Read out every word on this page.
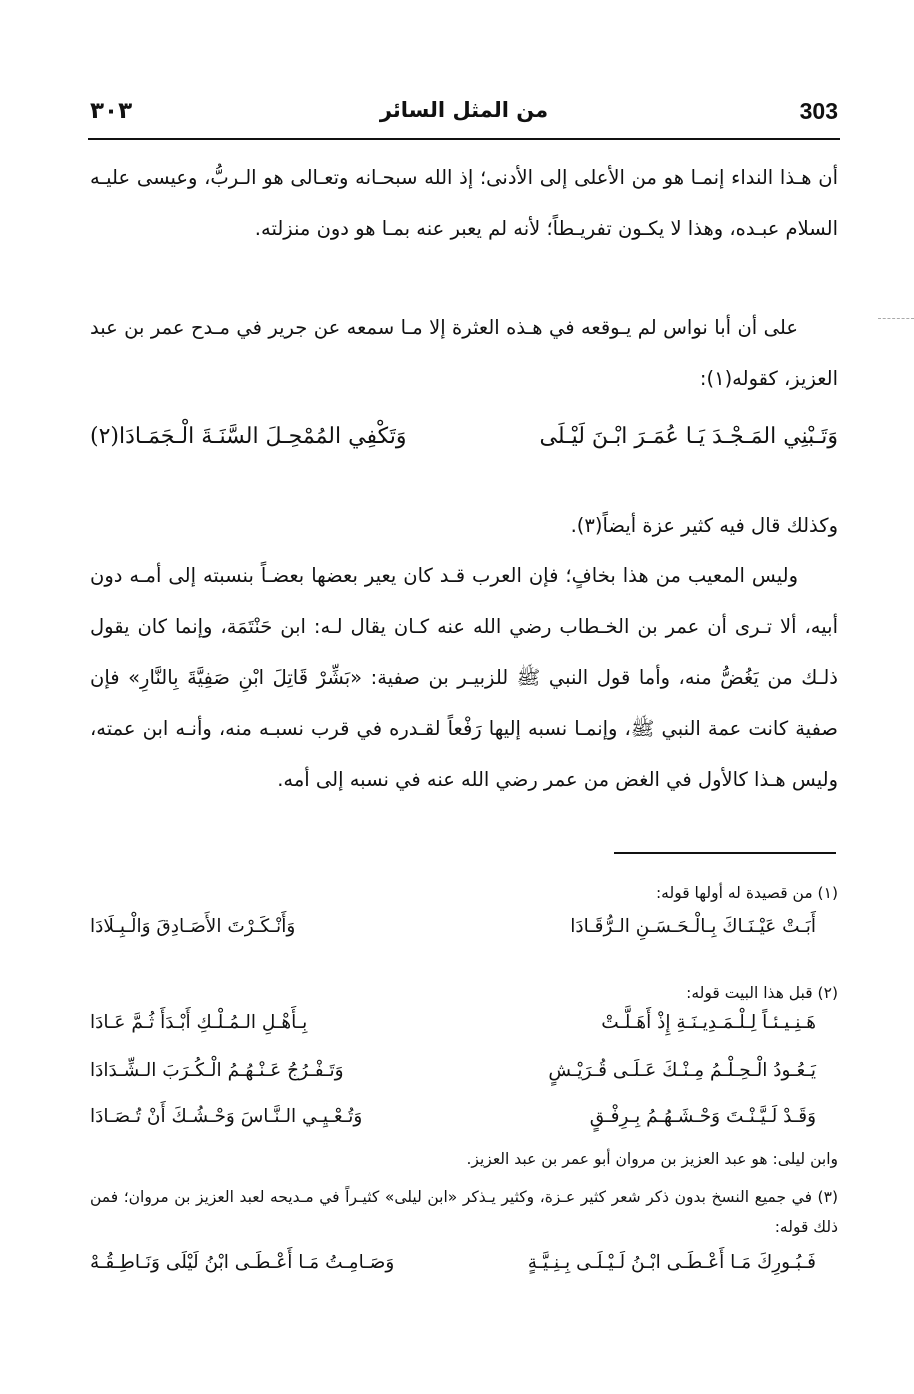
303
من المثل السائر
٣٠٣

أن هـذا النداء إنمـا هو من الأعلى إلى الأدنى؛ إذ الله سبحـانه وتعـالى هو الـربُّ، وعيسى عليـه السلام عبـده، وهذا لا يكـون تفريـطاً؛ لأنه لم يعبر عنه بمـا هو دون منزلته.

على أن أبا نواس لم يـوقعه في هـذه العثرة إلا مـا سمعه عن جرير في مـدح عمر بن عبد العزيز، كقوله(١):

وَتَـبْنِي المَـجْـدَ يَـا عُمَـرَ ابْـنَ لَيْـلَى
وَتَكْفِي المُمْحِـلَ السَّنَـةَ الْـجَمَـادَا(٢)

وكذلك قال فيه كثير عزة أيضاً(٣).

وليس المعيب من هذا بخافٍ؛ فإن العرب قـد كان يعير بعضها بعضـاً بنسبته إلى أمـه دون أبيه، ألا تـرى أن عمر بن الخـطاب رضي الله عنه كـان يقال لـه: ابن حَنْتَمَة، وإنما كان يقول ذلـك من يَغُضُّ منه، وأما قول النبي ﷺ للزبيـر بن صفية: «بَشِّرْ قَاتِلَ ابْنِ صَفِيَّةَ بِالنَّارِ» فإن صفية كانت عمة النبي ﷺ، وإنمـا نسبه إليها رَفْعاً لقـدره في قرب نسبـه منه، وأنـه ابن عمته، وليس هـذا كالأول في الغض من عمر رضي الله عنه في نسبه إلى أمه.

(١) من قصيدة له أولها قوله:

أَبَـتْ عَيْـنَـاكَ بِـالْـحَـسَـنِ الـرُّقَـادَا
وَأَنْـكَـرْتَ الأَصَـادِقَ وَالْـبِـلَادَا

(٢) قبل هذا البيت قوله:

هَـنِـيـئـاً لِـلْـمَـدِيـنَـةِ إِذْ أَهَـلَّـتْ
بِـأَهْـلِ الـمُـلْـكِ أَبْـدَأَ ثُـمَّ عَـادَا
يَـعُـودُ الْـحِـلْـمُ مِـنْـكَ عَـلَـى قُـرَيْـشٍ
وَتَـفْـرُجُ عَـنْـهُـمُ الْـكُـرَبَ الـشِّـدَادَا
وَقَـدْ لَـيَّـنْـتَ وَحْـشَـهُـمُ بِـرِفْـقٍ
وَتُـعْـيِـي الـنَّـاسَ وَحْـشُـكَ أَنْ تُـصَـادَا
وابن ليلى: هو عبد العزيز بن مروان أبو عمر بن عبد العزيز.

(٣) في جميع النسخ بدون ذكر شعر كثير عـزة، وكثير يـذكر «ابن ليلى» كثيـراً في مـديحه لعبد العزيز بن مروان؛ فمن ذلك قوله:

فَـبُـورِكَ مَـا أَعْـطَـى ابْـنُ لَـيْـلَـى بِـنِـيَّـةٍ
وَصَـامِـتُ مَـا أَعْـطَـى ابْنُ لَيْلَى وَنَـاطِـقُـهْ
